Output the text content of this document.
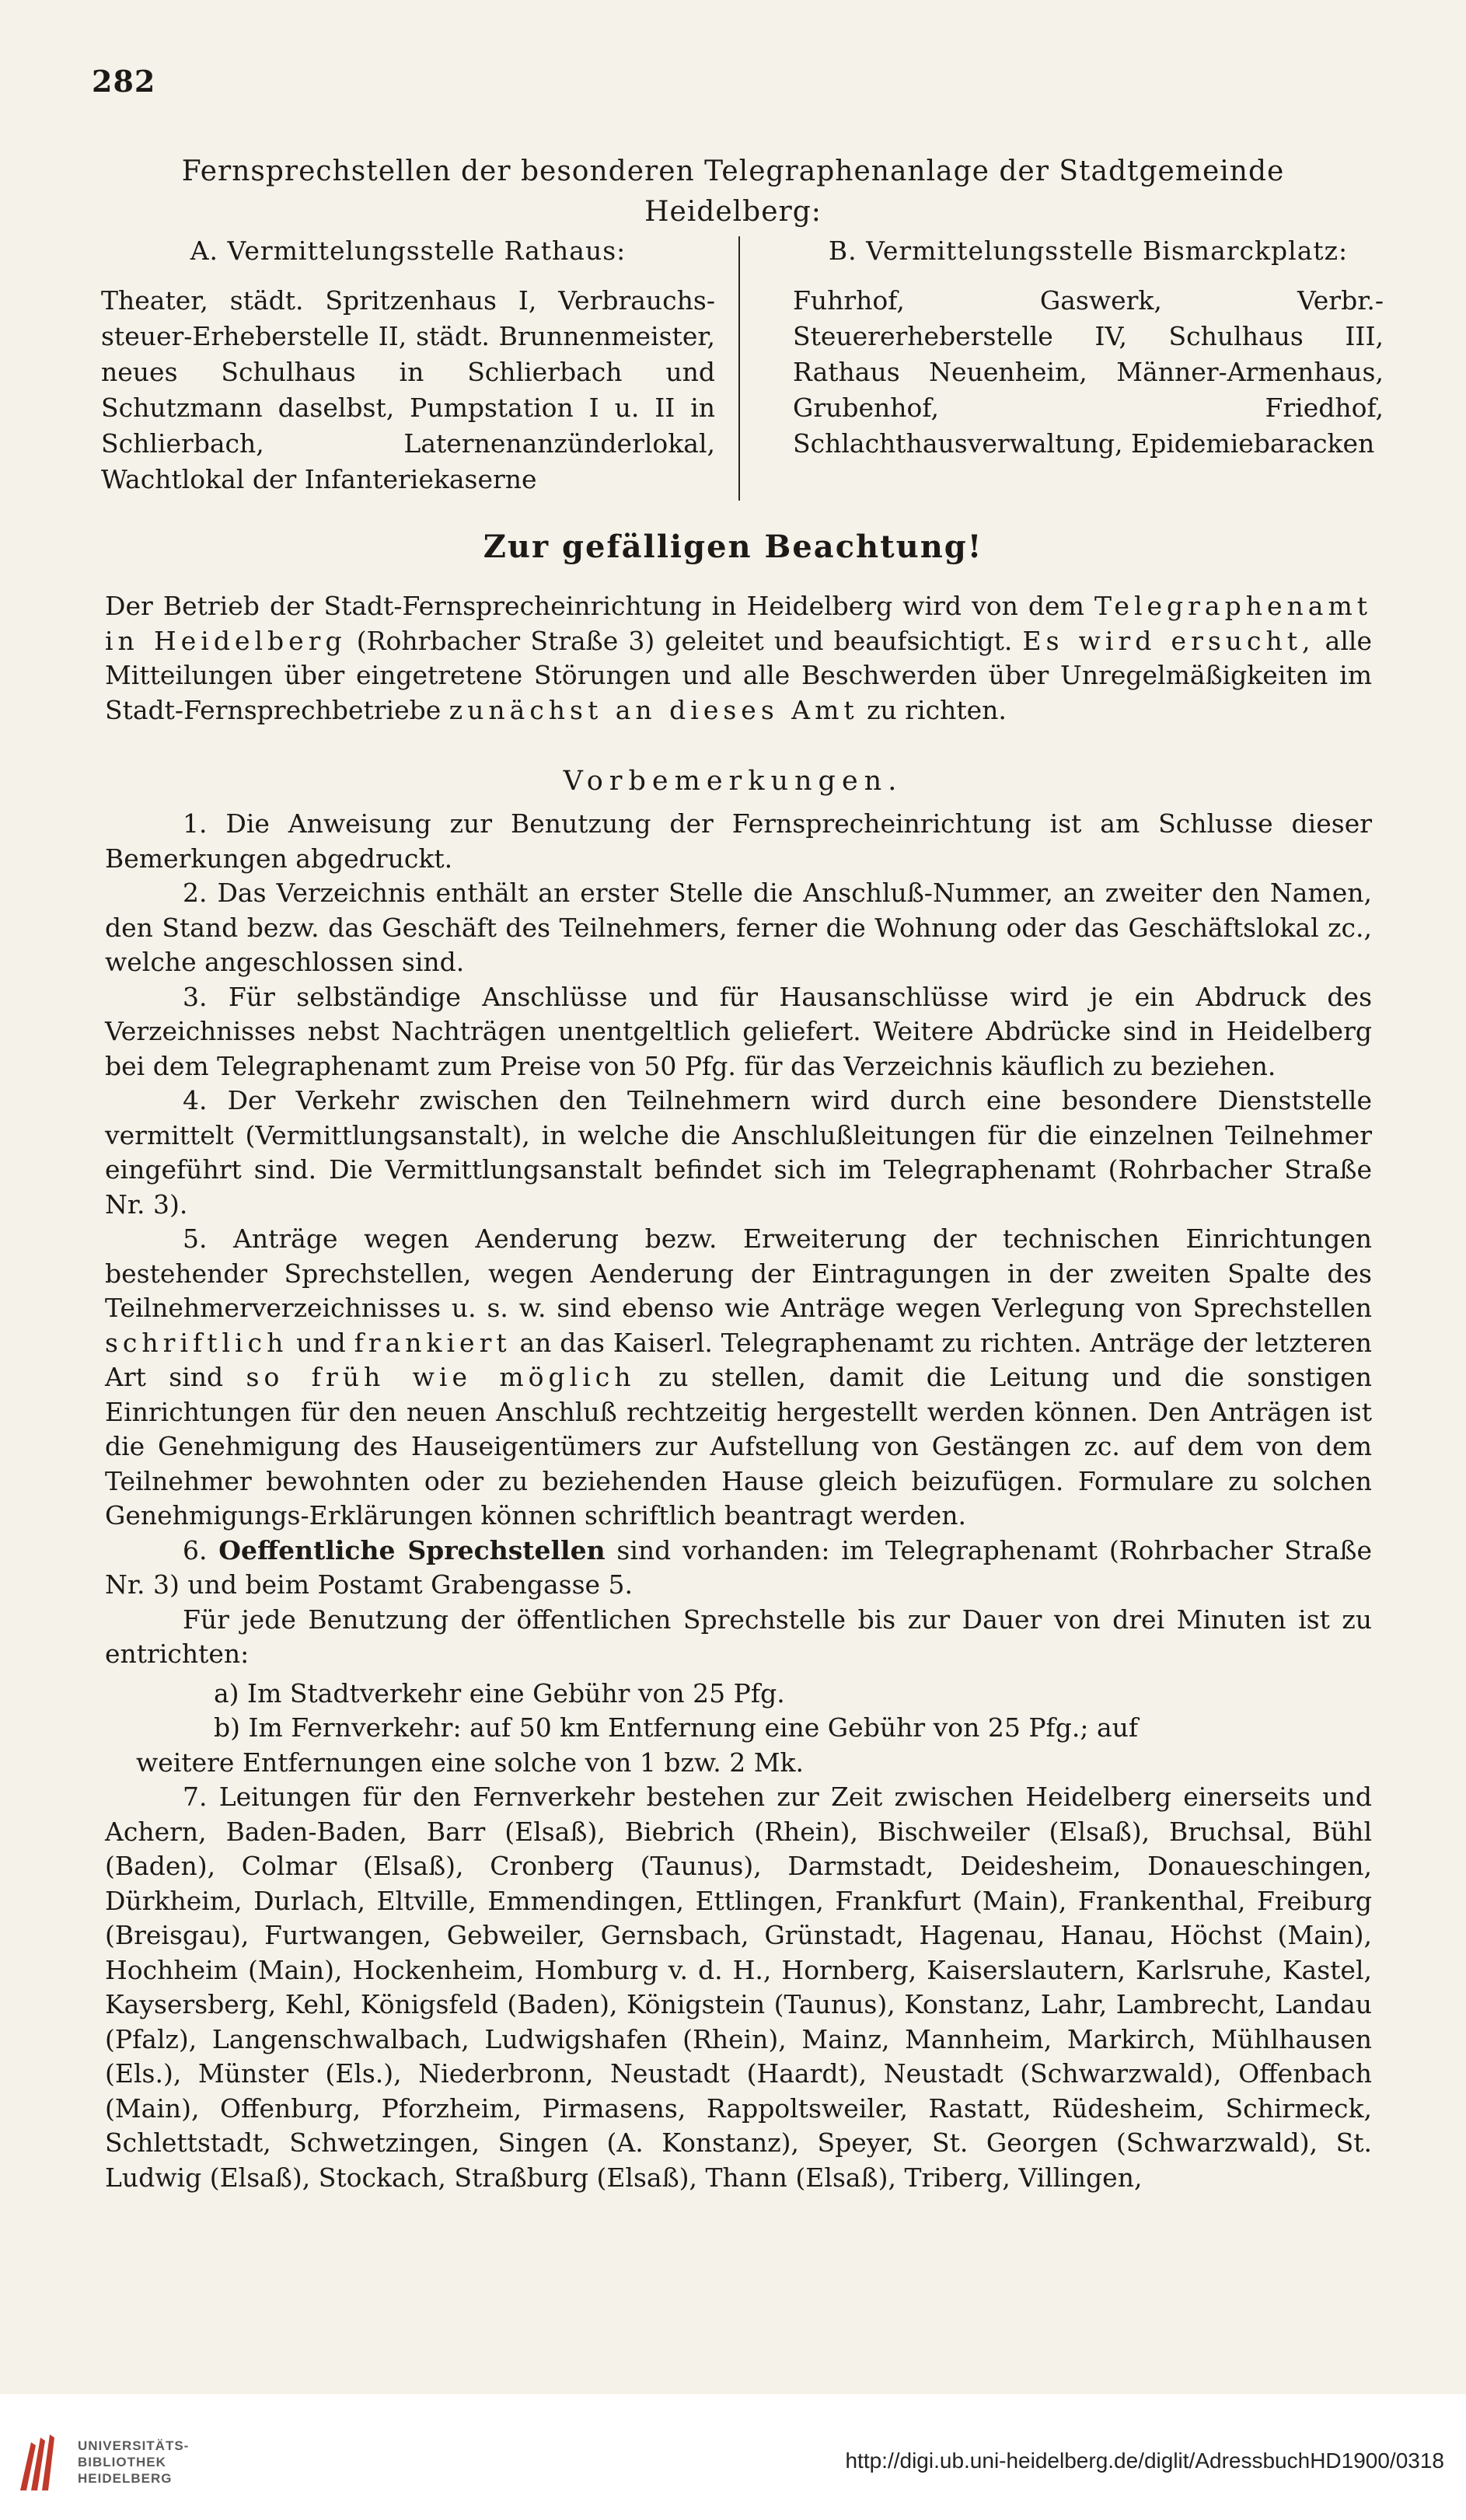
282
Fernsprechstellen der besonderen Telegraphenanlage der Stadtgemeinde Heidelberg:
A. Vermittelungsstelle Rathaus:
Theater, städt. Spritzenhaus I, Verbrauchs-steuer-Erheberstelle II, städt. Brunnenmeister, neues Schulhaus in Schlierbach und Schutzmann daselbst, Pumpstation I u. II in Schlierbach, Laternenanzünderlokal, Wachtlokal der Infanteriekaserne
B. Vermittelungsstelle Bismarckplatz:
Fuhrhof, Gaswerk, Verbr.-Steuererheberstelle IV, Schulhaus III, Rathaus Neuenheim, Männer-Armenhaus, Grubenhof, Friedhof, Schlachthausverwaltung, Epidemiebaracken
Zur gefälligen Beachtung!
Der Betrieb der Stadt-Fernsprecheinrichtung in Heidelberg wird von dem Telegraphenamt in Heidelberg (Rohrbacher Straße 3) geleitet und beaufsichtigt. Es wird ersucht, alle Mitteilungen über eingetretene Störungen und alle Beschwerden über Unregelmäßigkeiten im Stadt-Fernsprechbetriebe zunächst an dieses Amt zu richten.
Vorbemerkungen.

1. Die Anweisung zur Benutzung der Fernsprecheinrichtung ist am Schlusse dieser Bemerkungen abgedruckt.

2. Das Verzeichnis enthält an erster Stelle die Anschluß-Nummer, an zweiter den Namen, den Stand bezw. das Geschäft des Teilnehmers, ferner die Wohnung oder das Geschäftslokal zc., welche angeschlossen sind.

3. Für selbständige Anschlüsse und für Hausanschlüsse wird je ein Abdruck des Verzeichnisses nebst Nachträgen unentgeltlich geliefert. Weitere Abdrücke sind in Heidelberg bei dem Telegraphenamt zum Preise von 50 Pfg. für das Verzeichnis käuflich zu beziehen.

4. Der Verkehr zwischen den Teilnehmern wird durch eine besondere Dienststelle vermittelt (Vermittlungsanstalt), in welche die Anschlußleitungen für die einzelnen Teilnehmer eingeführt sind. Die Vermittlungsanstalt befindet sich im Telegraphenamt (Rohrbacher Straße Nr. 3).

5. Anträge wegen Aenderung bezw. Erweiterung der technischen Einrichtungen bestehender Sprechstellen, wegen Aenderung der Eintragungen in der zweiten Spalte des Teilnehmerverzeichnisses u. s. w. sind ebenso wie Anträge wegen Verlegung von Sprechstellen schriftlich und frankiert an das Kaiserl. Telegraphenamt zu richten. Anträge der letzteren Art sind so früh wie möglich zu stellen, damit die Leitung und die sonstigen Einrichtungen für den neuen Anschluß rechtzeitig hergestellt werden können. Den Anträgen ist die Genehmigung des Hauseigentümers zur Aufstellung von Gestängen zc. auf dem von dem Teilnehmer bewohnten oder zu beziehenden Hause gleich beizufügen. Formulare zu solchen Genehmigungs-Erklärungen können schriftlich beantragt werden.

6. Oeffentliche Sprechstellen sind vorhanden: im Telegraphenamt (Rohrbacher Straße Nr. 3) und beim Postamt Grabengasse 5.

Für jede Benutzung der öffentlichen Sprechstelle bis zur Dauer von drei Minuten ist zu entrichten:

a) Im Stadtverkehr eine Gebühr von 25 Pfg.
b) Im Fernverkehr: auf 50 km Entfernung eine Gebühr von 25 Pfg.; auf
weitere Entfernungen eine solche von 1 bzw. 2 Mk.

7. Leitungen für den Fernverkehr bestehen zur Zeit zwischen Heidelberg einerseits und Achern, Baden-Baden, Barr (Elsaß), Biebrich (Rhein), Bischweiler (Elsaß), Bruchsal, Bühl (Baden), Colmar (Elsaß), Cronberg (Taunus), Darmstadt, Deidesheim, Donaueschingen, Dürkheim, Durlach, Eltville, Emmendingen, Ettlingen, Frankfurt (Main), Frankenthal, Freiburg (Breisgau), Furtwangen, Gebweiler, Gernsbach, Grünstadt, Hagenau, Hanau, Höchst (Main), Hochheim (Main), Hockenheim, Homburg v. d. H., Hornberg, Kaiserslautern, Karlsruhe, Kastel, Kaysersberg, Kehl, Königsfeld (Baden), Königstein (Taunus), Konstanz, Lahr, Lambrecht, Landau (Pfalz), Langenschwalbach, Ludwigshafen (Rhein), Mainz, Mannheim, Markirch, Mühlhausen (Els.), Münster (Els.), Niederbronn, Neustadt (Haardt), Neustadt (Schwarzwald), Offenbach (Main), Offenburg, Pforzheim, Pirmasens, Rappoltsweiler, Rastatt, Rüdesheim, Schirmeck, Schlettstadt, Schwetzingen, Singen (A. Konstanz), Speyer, St. Georgen (Schwarzwald), St. Ludwig (Elsaß), Stockach, Straßburg (Elsaß), Thann (Elsaß), Triberg, Villingen,

UNIVERSITÄTS-
BIBLIOTHEK
HEIDELBERG
http://digi.ub.uni-heidelberg.de/diglit/AdressbuchHD1900/0318
